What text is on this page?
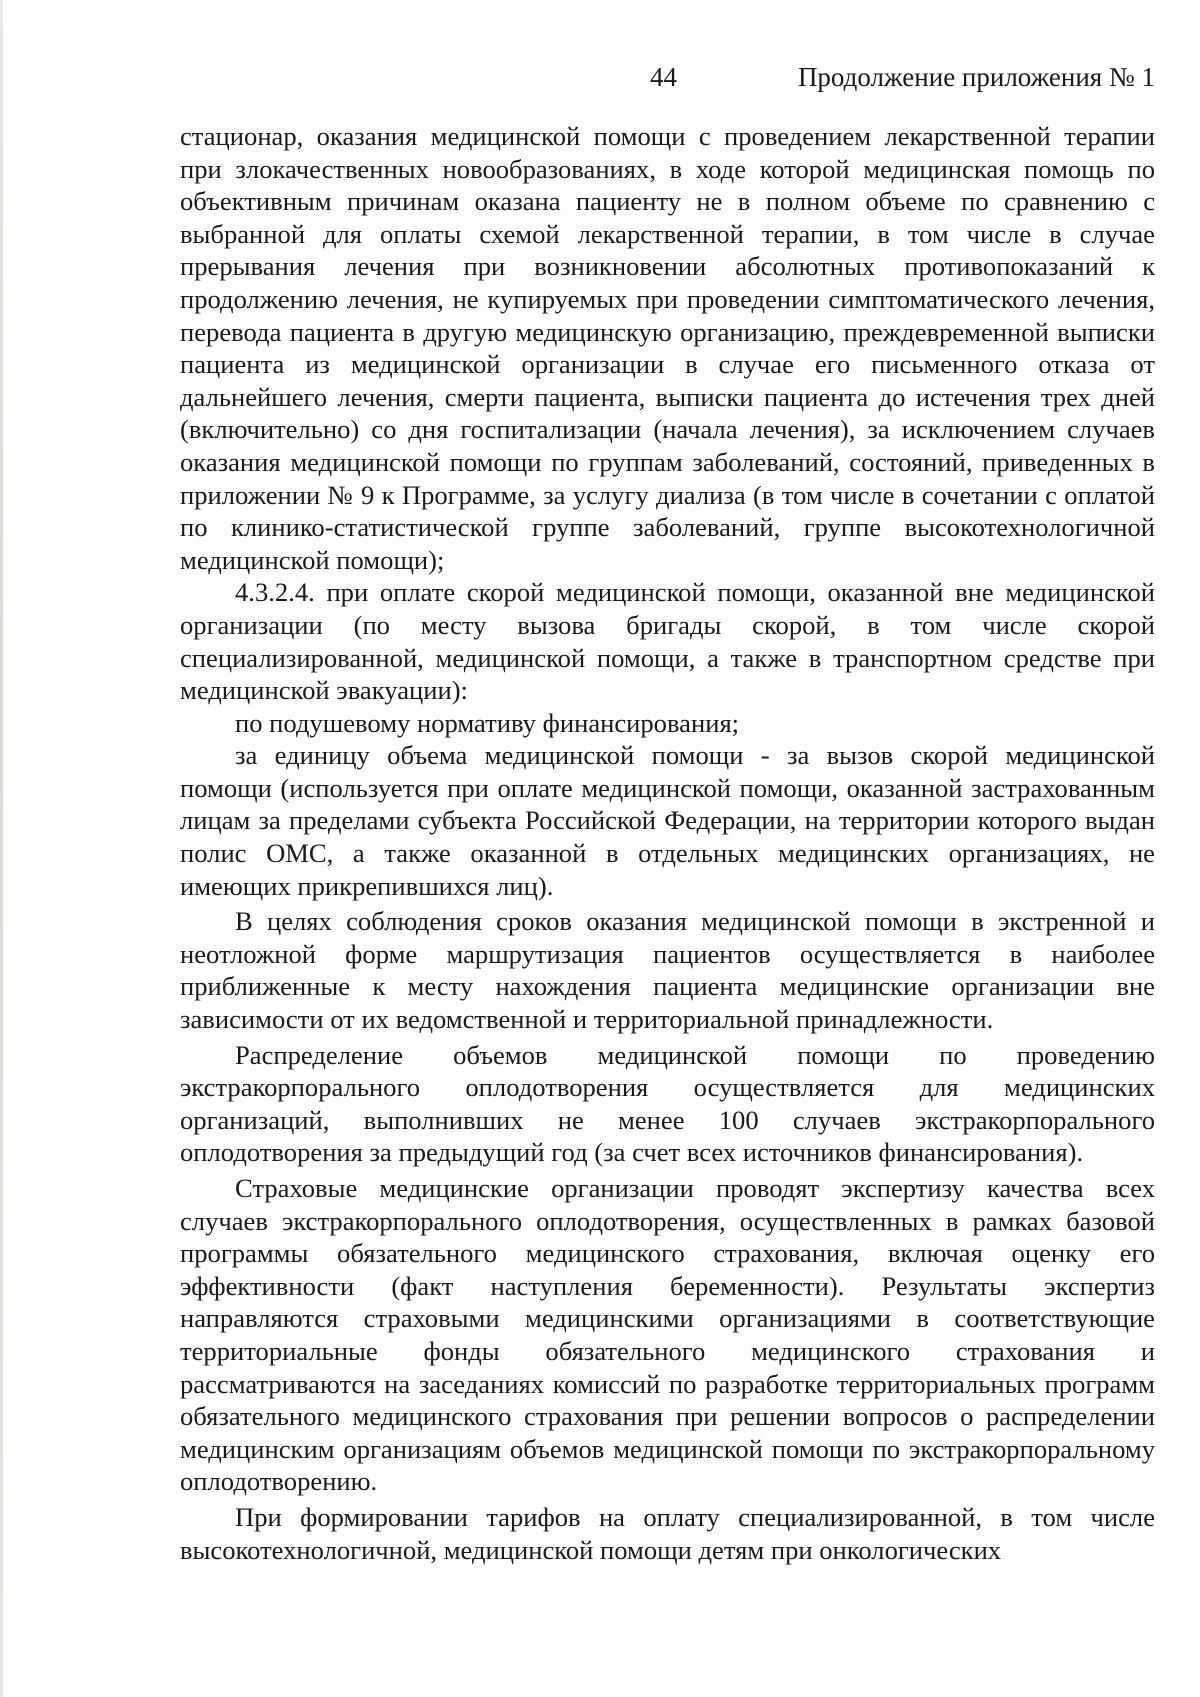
44	Продолжение приложения № 1

стационар, оказания медицинской помощи с проведением лекарственной терапии при злокачественных новообразованиях, в ходе которой медицинская помощь по объективным причинам оказана пациенту не в полном объеме по сравнению с выбранной для оплаты схемой лекарственной терапии, в том числе в случае прерывания лечения при возникновении абсолютных противопоказаний к продолжению лечения, не купируемых при проведении симптоматического лечения, перевода пациента в другую медицинскую организацию, преждевременной выписки пациента из медицинской организации в случае его письменного отказа от дальнейшего лечения, смерти пациента, выписки пациента до истечения трех дней (включительно) со дня госпитализации (начала лечения), за исключением случаев оказания медицинской помощи по группам заболеваний, состояний, приведенных в приложении № 9 к Программе, за услугу диализа (в том числе в сочетании с оплатой по клинико-статистической группе заболеваний, группе высокотехнологичной медицинской помощи);

4.3.2.4. при оплате скорой медицинской помощи, оказанной вне медицинской организации (по месту вызова бригады скорой, в том числе скорой специализированной, медицинской помощи, а также в транспортном средстве при медицинской эвакуации):

по подушевому нормативу финансирования;

за единицу объема медицинской помощи - за вызов скорой медицинской помощи (используется при оплате медицинской помощи, оказанной застрахованным лицам за пределами субъекта Российской Федерации, на территории которого выдан полис ОМС, а также оказанной в отдельных медицинских организациях, не имеющих прикрепившихся лиц).

В целях соблюдения сроков оказания медицинской помощи в экстренной и неотложной форме маршрутизация пациентов осуществляется в наиболее приближенные к месту нахождения пациента медицинские организации вне зависимости от их ведомственной и территориальной принадлежности.

Распределение объемов медицинской помощи по проведению экстракорпорального оплодотворения осуществляется для медицинских организаций, выполнивших не менее 100 случаев экстракорпорального оплодотворения за предыдущий год (за счет всех источников финансирования).

Страховые медицинские организации проводят экспертизу качества всех случаев экстракорпорального оплодотворения, осуществленных в рамках базовой программы обязательного медицинского страхования, включая оценку его эффективности (факт наступления беременности). Результаты экспертиз направляются страховыми медицинскими организациями в соответствующие территориальные фонды обязательного медицинского страхования и рассматриваются на заседаниях комиссий по разработке территориальных программ обязательного медицинского страхования при решении вопросов о распределении медицинским организациям объемов медицинской помощи по экстракорпоральному оплодотворению.

При формировании тарифов на оплату специализированной, в том числе высокотехнологичной, медицинской помощи детям при онкологических
